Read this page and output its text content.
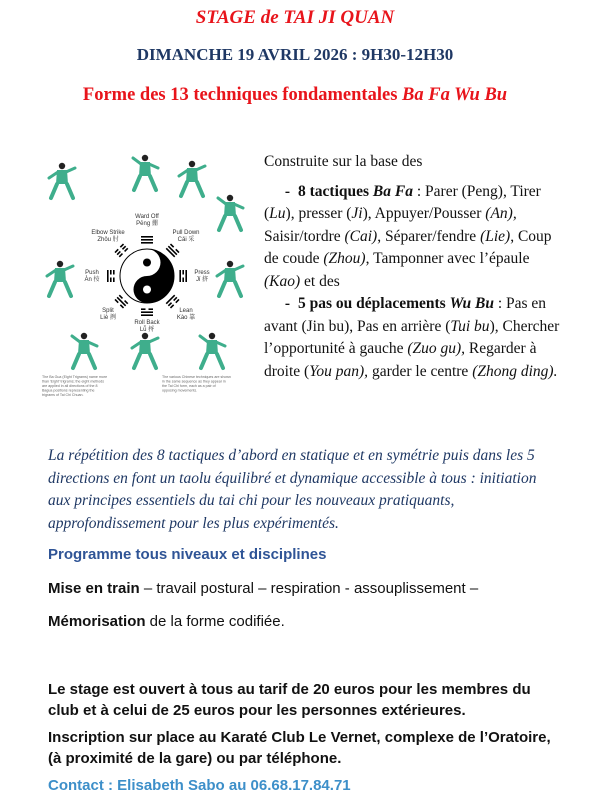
STAGE de TAI JI QUAN
DIMANCHE 19 AVRIL 2026 : 9H30-12H30
Forme des 13 techniques fondamentales Ba Fa Wu Bu
Ward Off
Pēng 掤
Pull Down
Cǎi 采
Press
Jǐ 挤
Lean
Kào 靠
Roll Back
Lǚ 捋
Split
Liè 挒
Push
Àn 按
Elbow Strike
Zhǒu 肘
The Ba Gua (Eight Trigrams) name more than 'Eight' trigrams; the eight methods are applied in all directions of the 8 Bagua positions representing the trigrams of Tai Chi Chuan.
The various Chinese techniques are shown in the same sequence as they appear in the Tai Chi form, each as a pair of opposing movements.

Construite sur la base des

- 8 tactiques Ba Fa : Parer (Peng), Tirer (Lu), presser (Ji), Appuyer/Pousser (An), Saisir/tordre (Cai), Séparer/fendre (Lie), Coup de coude (Zhou), Tamponner avec l’épaule (Kao) et des

- 5 pas ou déplacements Wu Bu : Pas en avant (Jin bu), Pas en arrière (Tui bu), Chercher l’opportunité à gauche (Zuo gu), Regarder à droite (You pan), garder le centre (Zhong ding).

La répétition des 8 tactiques d’abord en statique et en symétrie puis dans les 5 directions en font un taolu équilibré et dynamique accessible à tous : initiation aux principes essentiels du tai chi pour les nouveaux pratiquants, approfondissement pour les plus expérimentés.
Programme tous niveaux et disciplines
Mise en train – travail postural – respiration - assouplissement –
Mémorisation de la forme codifiée.
Le stage est ouvert à tous au tarif de 20 euros pour les membres du club et à celui de 25 euros pour les personnes extérieures.
Inscription sur place au Karaté Club Le Vernet, complexe de l’Oratoire, (à proximité de la gare) ou par téléphone.
Contact : Elisabeth Sabo au 06.68.17.84.71
